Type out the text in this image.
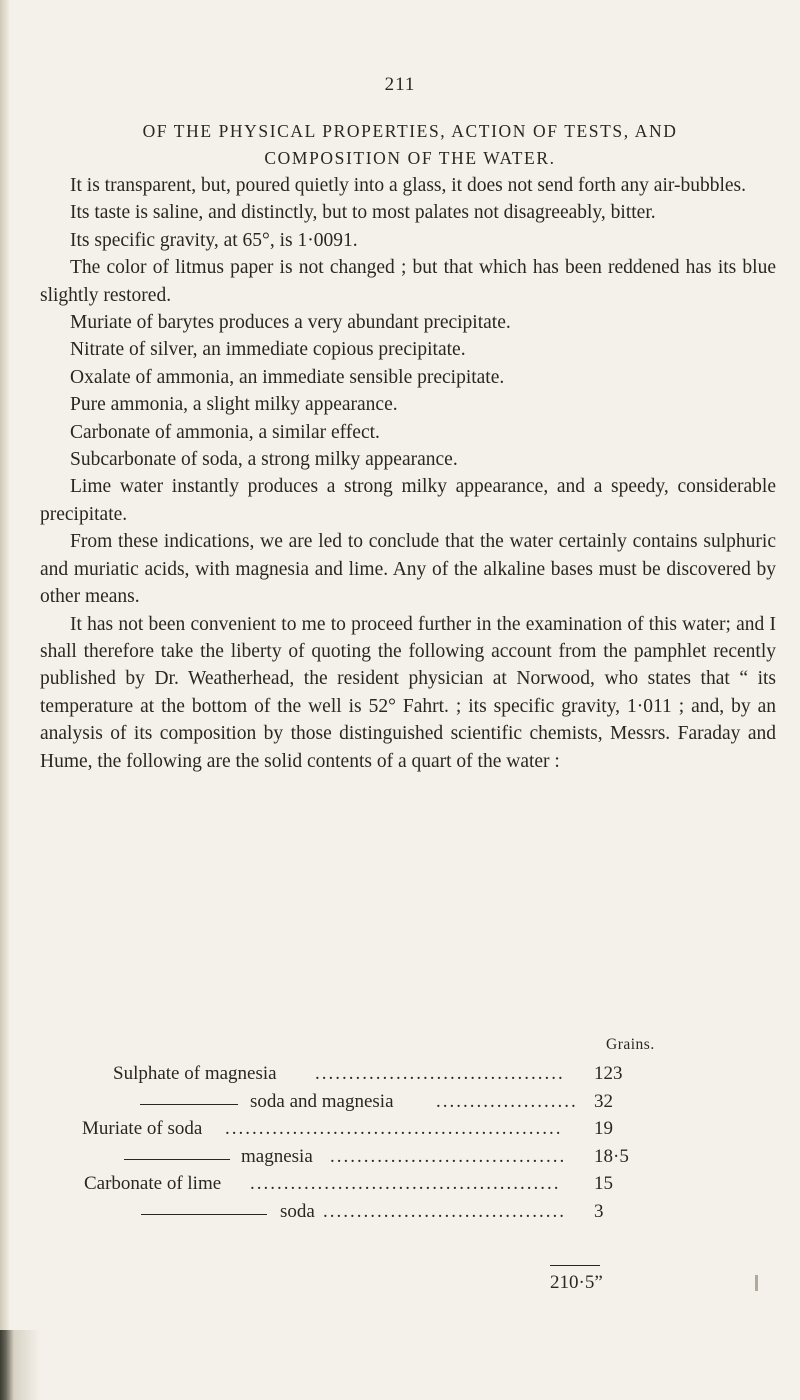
211
OF THE PHYSICAL PROPERTIES, ACTION OF TESTS, AND
COMPOSITION OF THE WATER.

It is transparent, but, poured quietly into a glass, it does not send forth any air-bubbles.

Its taste is saline, and distinctly, but to most palates not disagreeably, bitter.

Its specific gravity, at 65°, is 1·0091.

The color of litmus paper is not changed ; but that which has been reddened has its blue slightly restored.

Muriate of barytes produces a very abundant precipitate.

Nitrate of silver, an immediate copious precipitate.

Oxalate of ammonia, an immediate sensible precipitate.

Pure ammonia, a slight milky appearance.

Carbonate of ammonia, a similar effect.

Subcarbonate of soda, a strong milky appearance.

Lime water instantly produces a strong milky appearance, and a speedy, considerable precipitate.

From these indications, we are led to conclude that the water certainly contains sulphuric and muriatic acids, with magnesia and lime. Any of the alkaline bases must be discovered by other means.

It has not been convenient to me to proceed further in the examination of this water; and I shall therefore take the liberty of quoting the following account from the pamphlet recently published by Dr. Weatherhead, the resident physician at Norwood, who states that “ its temperature at the bottom of the well is 52° Fahrt. ; its specific gravity, 1·011 ; and, by an analysis of its composition by those distinguished scientific chemists, Messrs. Faraday and Hume, the following are the solid contents of a quart of the water :

Grains.
Sulphate of magnesia .....................................	123
soda and magnesia ..................... 32
Muriate of soda ..................................................	19
magnesia ...................................	18·5
Carbonate of lime ..............................................	15
soda ....................................	3
210·5”
